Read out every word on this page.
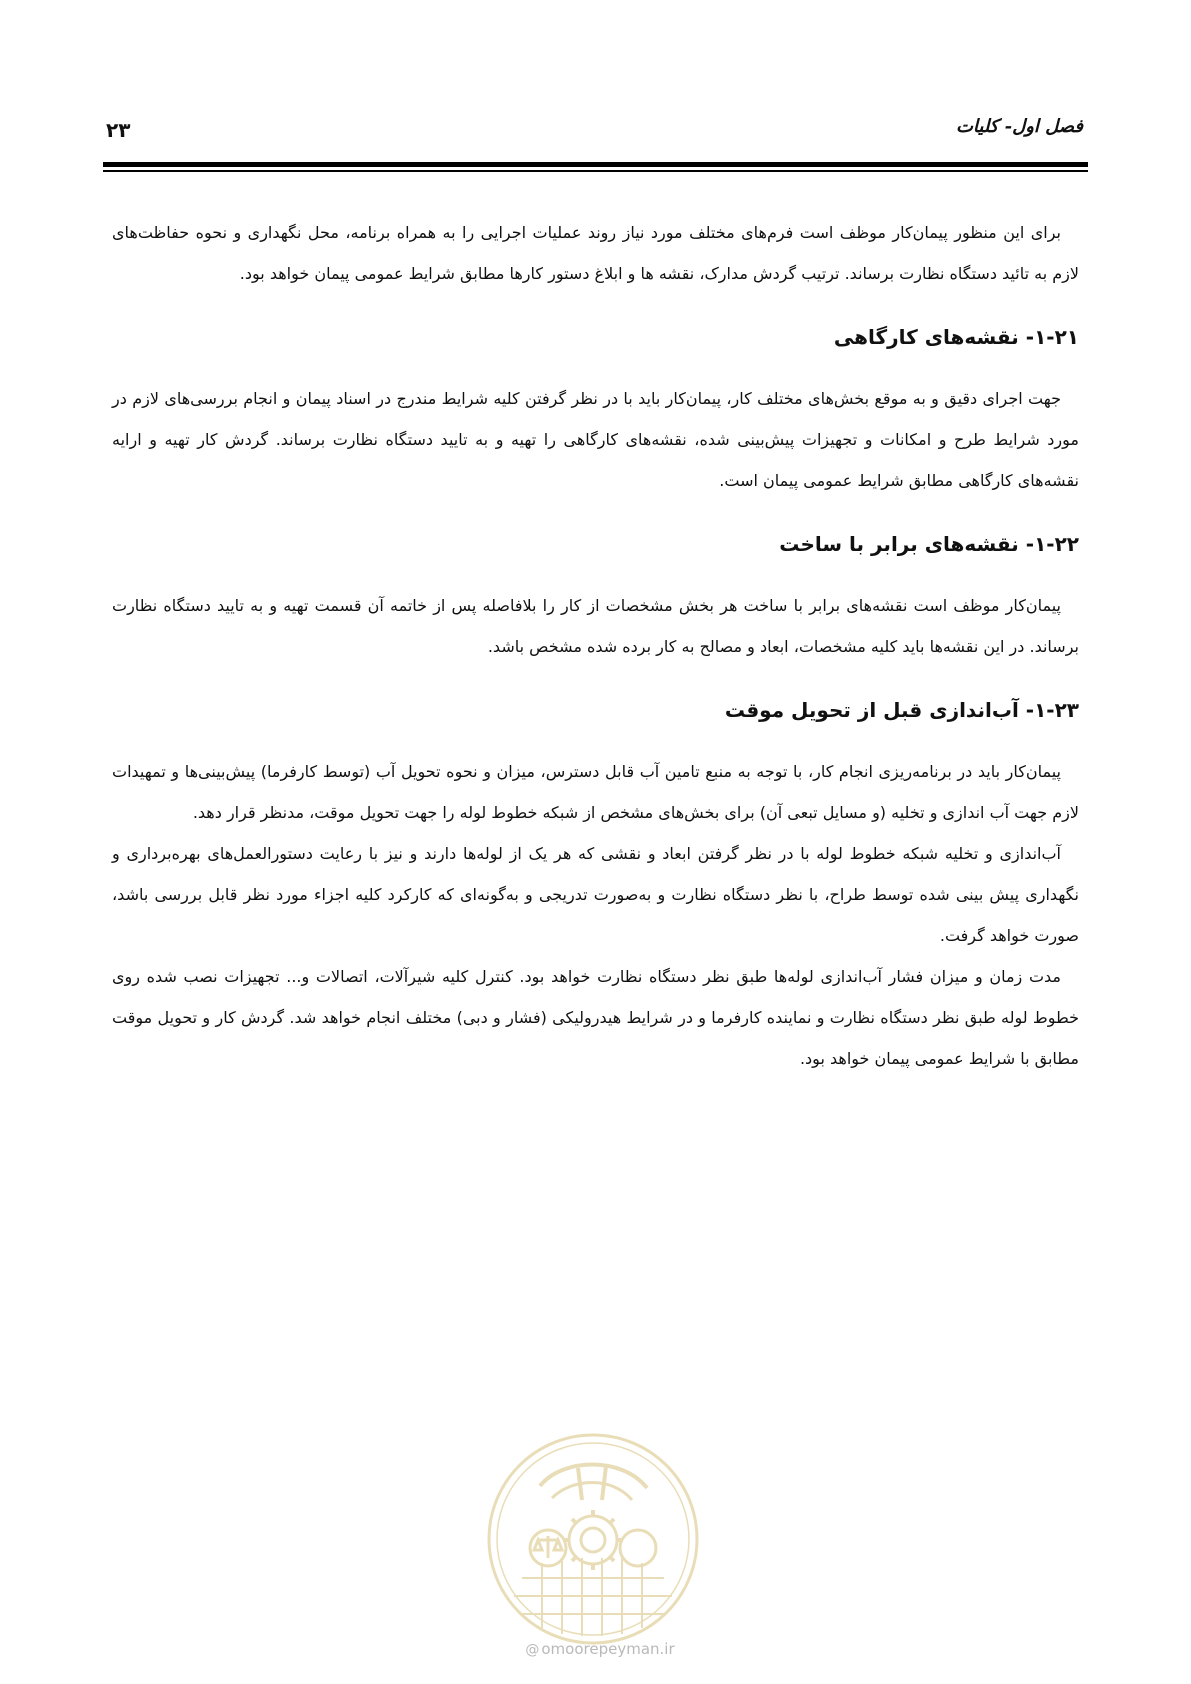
۲۳	فصل اول- کلیات

برای این منظور پیمان‌کار موظف است فرم‌های مختلف مورد نیاز روند عملیات اجرایی را به همراه برنامه، محل نگهداری و نحوه حفاظت‌های لازم به تائید دستگاه نظارت برساند. ترتیب گردش مدارک، نقشه ها و ابلاغ دستور کارها مطابق شرایط عمومی پیمان خواهد بود.

۱-۲۱- نقشه‌های کارگاهی

جهت اجرای دقیق و به موقع بخش‌های مختلف کار، پیمان‌کار باید با در نظر گرفتن کلیه شرایط مندرج در اسناد پیمان و انجام بررسی‌های لازم در مورد شرایط طرح و امکانات و تجهیزات پیش‌بینی شده، نقشه‌های کارگاهی را تهیه و به تایید دستگاه نظارت برساند. گردش کار تهیه و ارایه نقشه‌های کارگاهی مطابق شرایط عمومی پیمان است.

۱-۲۲- نقشه‌های برابر با ساخت

پیمان‌کار موظف است نقشه‌های برابر با ساخت هر بخش مشخصات از کار را بلافاصله پس از خاتمه آن قسمت تهیه و به تایید دستگاه نظارت برساند. در این نقشه‌ها باید کلیه مشخصات، ابعاد و مصالح به کار برده شده مشخص باشد.

۱-۲۳- آب‌اندازی قبل از تحویل موقت

پیمان‌کار باید در برنامه‌ریزی انجام کار، با توجه به منبع تامین آب قابل دسترس، میزان و نحوه تحویل آب (توسط کارفرما) پیش‌بینی‌ها و تمهیدات لازم جهت آب اندازی و تخلیه (و مسایل تبعی آن) برای بخش‌های مشخص از شبکه خطوط لوله را جهت تحویل موقت، مدنظر قرار دهد.

آب‌اندازی و تخلیه شبکه خطوط لوله با در نظر گرفتن ابعاد و نقشی که هر یک از لوله‌ها دارند و نیز با رعایت دستورالعمل‌های بهره‌برداری و نگهداری پیش بینی شده توسط طراح، با نظر دستگاه نظارت و به‌صورت تدریجی و به‌گونه‌ای که کارکرد کلیه اجزاء مورد نظر قابل بررسی باشد، صورت خواهد گرفت.

مدت زمان و میزان فشار آب‌اندازی لوله‌ها طبق نظر دستگاه نظارت خواهد بود. کنترل کلیه شیرآلات، اتصالات و... تجهیزات نصب شده روی خطوط لوله طبق نظر دستگاه نظارت و نماینده کارفرما و در شرایط هیدرولیکی (فشار و دبی) مختلف انجام خواهد شد. گردش کار و تحویل موقت مطابق با شرایط عمومی پیمان خواهد بود.

@ omoorepeyman.ir
